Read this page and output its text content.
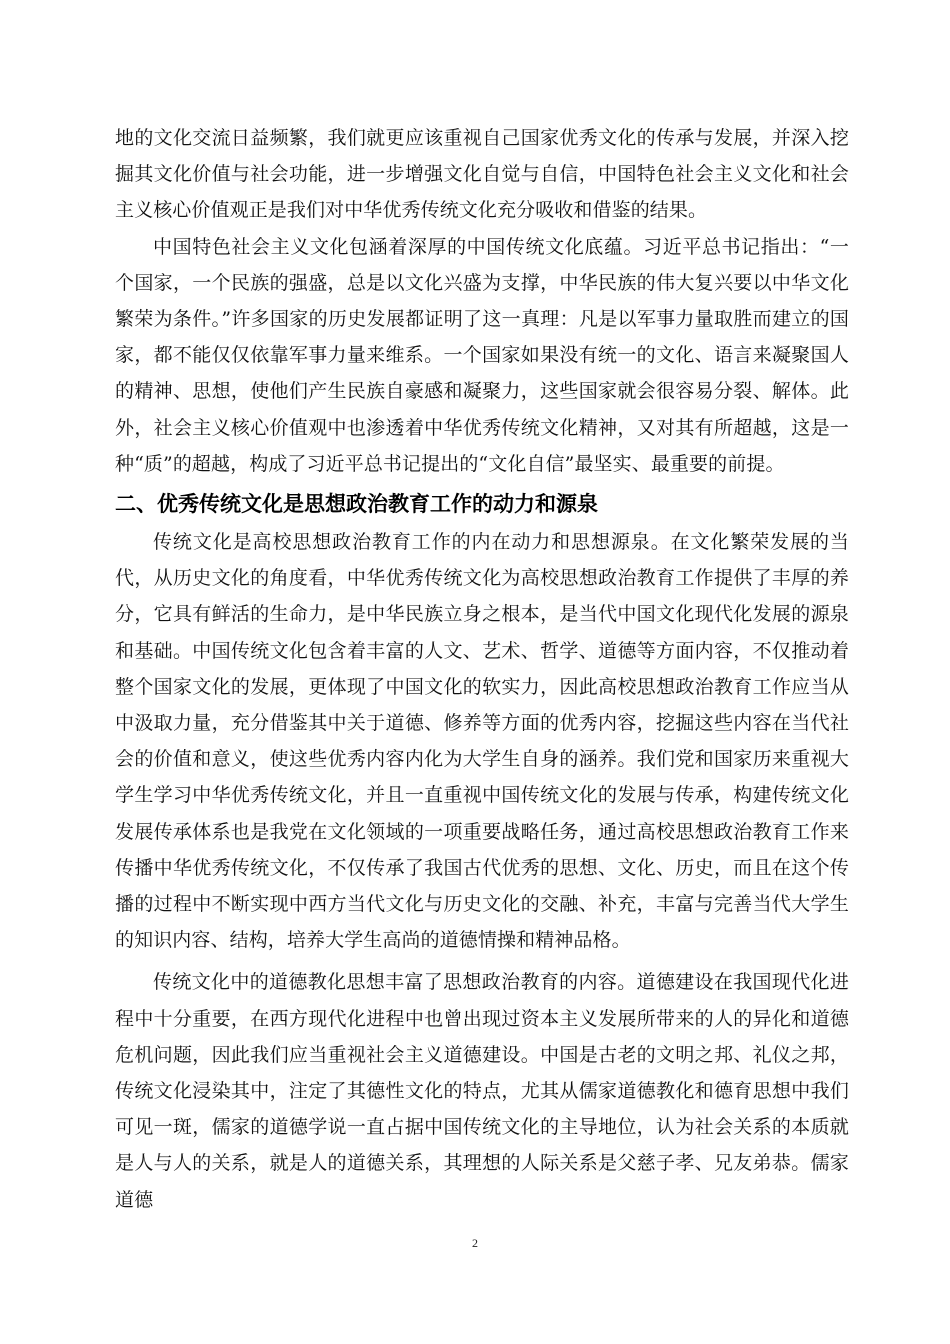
地的文化交流日益频繁，我们就更应该重视自己国家优秀文化的传承与发展，并深入挖掘其文化价值与社会功能，进一步增强文化自觉与自信，中国特色社会主义文化和社会主义核心价值观正是我们对中华优秀传统文化充分吸收和借鉴的结果。

中国特色社会主义文化包涵着深厚的中国传统文化底蕴。习近平总书记指出：“一个国家，一个民族的强盛，总是以文化兴盛为支撑，中华民族的伟大复兴要以中华文化繁荣为条件。”许多国家的历史发展都证明了这一真理：凡是以军事力量取胜而建立的国家，都不能仅仅依靠军事力量来维系。一个国家如果没有统一的文化、语言来凝聚国人的精神、思想，使他们产生民族自豪感和凝聚力，这些国家就会很容易分裂、解体。此外，社会主义核心价值观中也渗透着中华优秀传统文化精神，又对其有所超越，这是一种“质”的超越，构成了习近平总书记提出的“文化自信”最坚实、最重要的前提。

二、优秀传统文化是思想政治教育工作的动力和源泉

传统文化是高校思想政治教育工作的内在动力和思想源泉。在文化繁荣发展的当代，从历史文化的角度看，中华优秀传统文化为高校思想政治教育工作提供了丰厚的养分，它具有鲜活的生命力，是中华民族立身之根本，是当代中国文化现代化发展的源泉和基础。中国传统文化包含着丰富的人文、艺术、哲学、道德等方面内容，不仅推动着整个国家文化的发展，更体现了中国文化的软实力，因此高校思想政治教育工作应当从中汲取力量，充分借鉴其中关于道德、修养等方面的优秀内容，挖掘这些内容在当代社会的价值和意义，使这些优秀内容内化为大学生自身的涵养。我们党和国家历来重视大学生学习中华优秀传统文化，并且一直重视中国传统文化的发展与传承，构建传统文化发展传承体系也是我党在文化领域的一项重要战略任务，通过高校思想政治教育工作来传播中华优秀传统文化，不仅传承了我国古代优秀的思想、文化、历史，而且在这个传播的过程中不断实现中西方当代文化与历史文化的交融、补充，丰富与完善当代大学生的知识内容、结构，培养大学生高尚的道德情操和精神品格。

传统文化中的道德教化思想丰富了思想政治教育的内容。道德建设在我国现代化进程中十分重要，在西方现代化进程中也曾出现过资本主义发展所带来的人的异化和道德危机问题，因此我们应当重视社会主义道德建设。中国是古老的文明之邦、礼仪之邦，传统文化浸染其中，注定了其德性文化的特点，尤其从儒家道德教化和德育思想中我们可见一斑，儒家的道德学说一直占据中国传统文化的主导地位，认为社会关系的本质就是人与人的关系，就是人的道德关系，其理想的人际关系是父慈子孝、兄友弟恭。儒家道德

2
